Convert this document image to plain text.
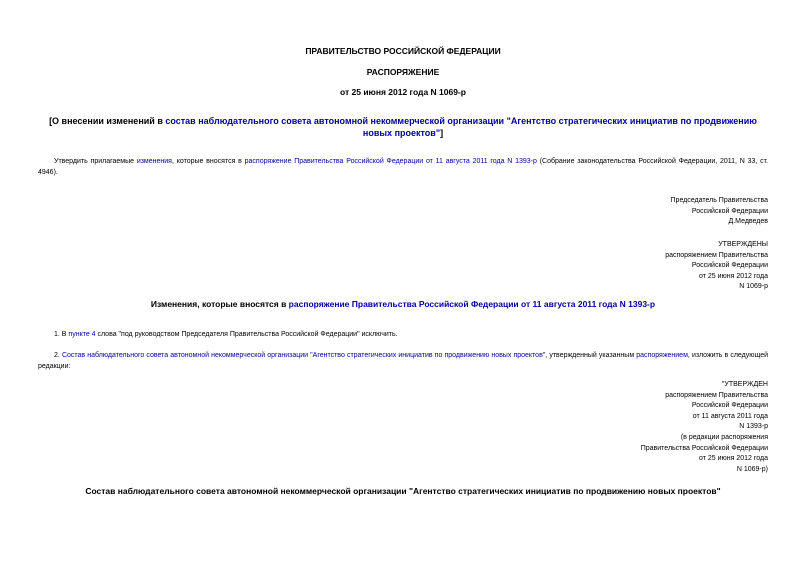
ПРАВИТЕЛЬСТВО РОССИЙСКОЙ ФЕДЕРАЦИИ
РАСПОРЯЖЕНИЕ
от 25 июня 2012 года N 1069-р
[О внесении изменений в состав наблюдательного совета автономной некоммерческой организации "Агентство стратегических инициатив по продвижению новых проектов"]
Утвердить прилагаемые изменения, которые вносятся в распоряжение Правительства Российской Федерации от 11 августа 2011 года N 1393-р (Собрание законодательства Российской Федерации, 2011, N 33, ст. 4946).
Председатель Правительства
Российской Федерации
Д.Медведев
УТВЕРЖДЕНЫ
распоряжением Правительства
Российской Федерации
от 25 июня 2012 года
N 1069-р
Изменения, которые вносятся в распоряжение Правительства Российской Федерации от 11 августа 2011 года N 1393-р
1. В пункте 4 слова "под руководством Председателя Правительства Российской Федерации" исключить.
2. Состав наблюдательного совета автономной некоммерческой организации "Агентство стратегических инициатив по продвижению новых проектов", утвержденный указанным распоряжением, изложить в следующей редакции:
"УТВЕРЖДЕН
распоряжением Правительства
Российской Федерации
от 11 августа 2011 года
N 1393-р
(в редакции распоряжения
Правительства Российской Федерации
от 25 июня 2012 года
N 1069-р)
Состав наблюдательного совета автономной некоммерческой организации "Агентство стратегических инициатив по продвижению новых проектов"
